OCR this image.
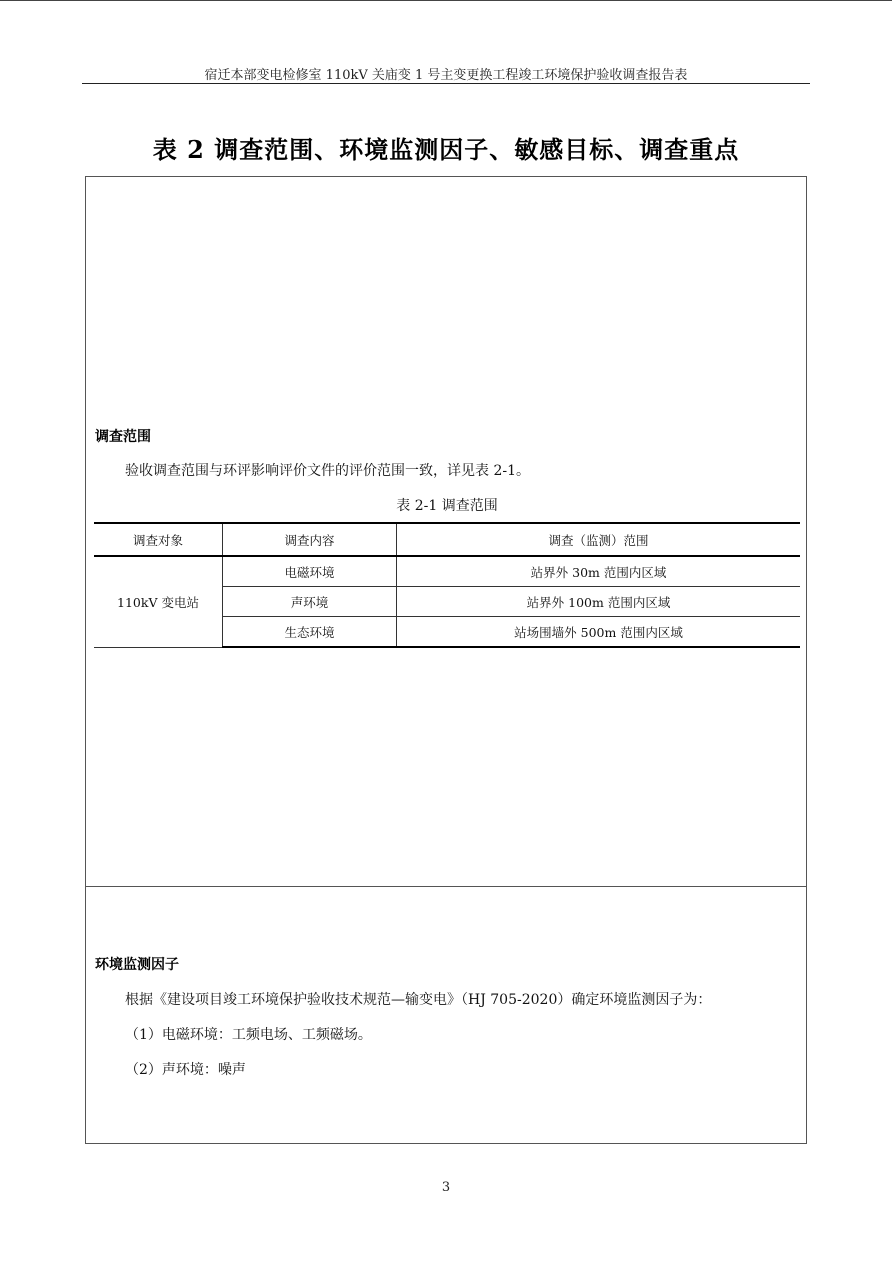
宿迁本部变电检修室 110kV 关庙变 1 号主变更换工程竣工环境保护验收调查报告表
表 2 调查范围、环境监测因子、敏感目标、调查重点
调查范围
验收调查范围与环评影响评价文件的评价范围一致，详见表 2-1。
表 2-1 调查范围
调查对象	调查内容	调查（监测）范围
110kV 变电站	电磁环境	站界外 30m 范围内区域
	声环境	站界外 100m 范围内区域
	生态环境	站场围墙外 500m 范围内区域
环境监测因子
根据《建设项目竣工环境保护验收技术规范—输变电》（HJ 705-2020）确定环境监测因子为：
（1）电磁环境：工频电场、工频磁场。
（2）声环境：噪声
3
